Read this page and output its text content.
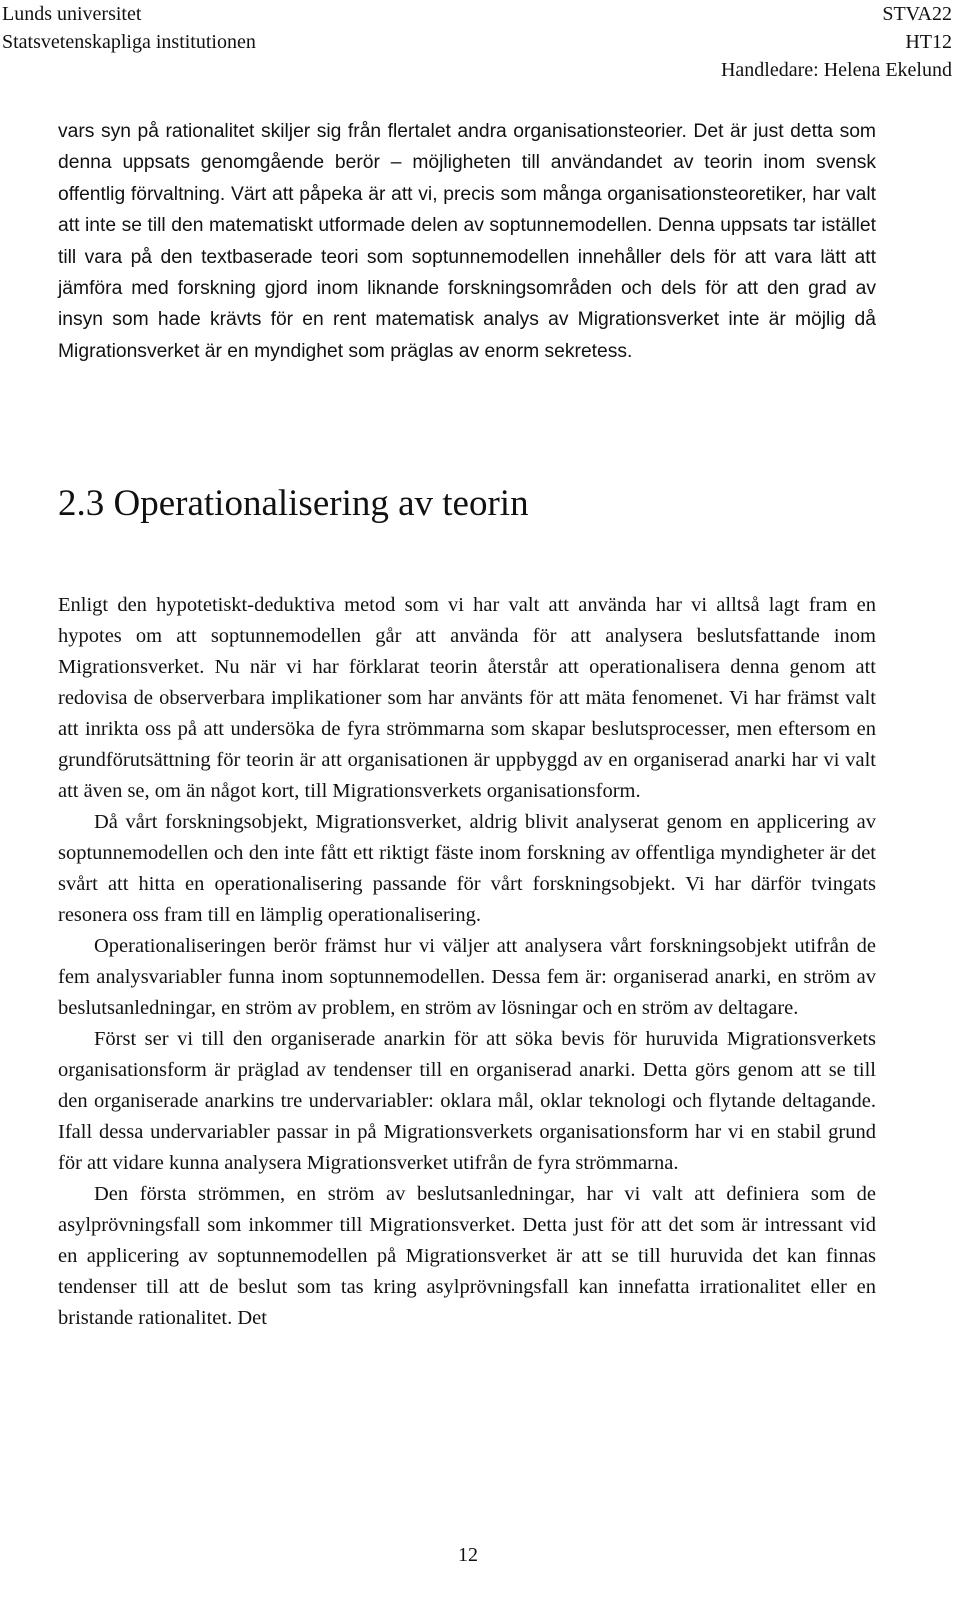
Lunds universitet
Statsvetenskapliga institutionen
STVA22
HT12
Handledare: Helena Ekelund

vars syn på rationalitet skiljer sig från flertalet andra organisationsteorier. Det är just detta som denna uppsats genomgående berör – möjligheten till användandet av teorin inom svensk offentlig förvaltning. Värt att påpeka är att vi, precis som många organisationsteoretiker, har valt att inte se till den matematiskt utformade delen av soptunnemodellen. Denna uppsats tar istället till vara på den textbaserade teori som soptunnemodellen innehåller dels för att vara lätt att jämföra med forskning gjord inom liknande forskningsområden och dels för att den grad av insyn som hade krävts för en rent matematisk analys av Migrationsverket inte är möjlig då Migrationsverket är en myndighet som präglas av enorm sekretess.

2.3 Operationalisering av teorin

Enligt den hypotetiskt-deduktiva metod som vi har valt att använda har vi alltså lagt fram en hypotes om att soptunnemodellen går att använda för att analysera beslutsfattande inom Migrationsverket. Nu när vi har förklarat teorin återstår att operationalisera denna genom att redovisa de observerbara implikationer som har använts för att mäta fenomenet. Vi har främst valt att inrikta oss på att undersöka de fyra strömmarna som skapar beslutsprocesser, men eftersom en grundförutsättning för teorin är att organisationen är uppbyggd av en organiserad anarki har vi valt att även se, om än något kort, till Migrationsverkets organisationsform.

Då vårt forskningsobjekt, Migrationsverket, aldrig blivit analyserat genom en applicering av soptunnemodellen och den inte fått ett riktigt fäste inom forskning av offentliga myndigheter är det svårt att hitta en operationalisering passande för vårt forskningsobjekt. Vi har därför tvingats resonera oss fram till en lämplig operationalisering.

Operationaliseringen berör främst hur vi väljer att analysera vårt forskningsobjekt utifrån de fem analysvariabler funna inom soptunnemodellen. Dessa fem är: organiserad anarki, en ström av beslutsanledningar, en ström av problem, en ström av lösningar och en ström av deltagare.

Först ser vi till den organiserade anarkin för att söka bevis för huruvida Migrationsverkets organisationsform är präglad av tendenser till en organiserad anarki. Detta görs genom att se till den organiserade anarkins tre undervariabler: oklara mål, oklar teknologi och flytande deltagande. Ifall dessa undervariabler passar in på Migrationsverkets organisationsform har vi en stabil grund för att vidare kunna analysera Migrationsverket utifrån de fyra strömmarna.

Den första strömmen, en ström av beslutsanledningar, har vi valt att definiera som de asylprövningsfall som inkommer till Migrationsverket. Detta just för att det som är intressant vid en applicering av soptunnemodellen på Migrationsverket är att se till huruvida det kan finnas tendenser till att de beslut som tas kring asylprövningsfall kan innefatta irrationalitet eller en bristande rationalitet. Det

12
